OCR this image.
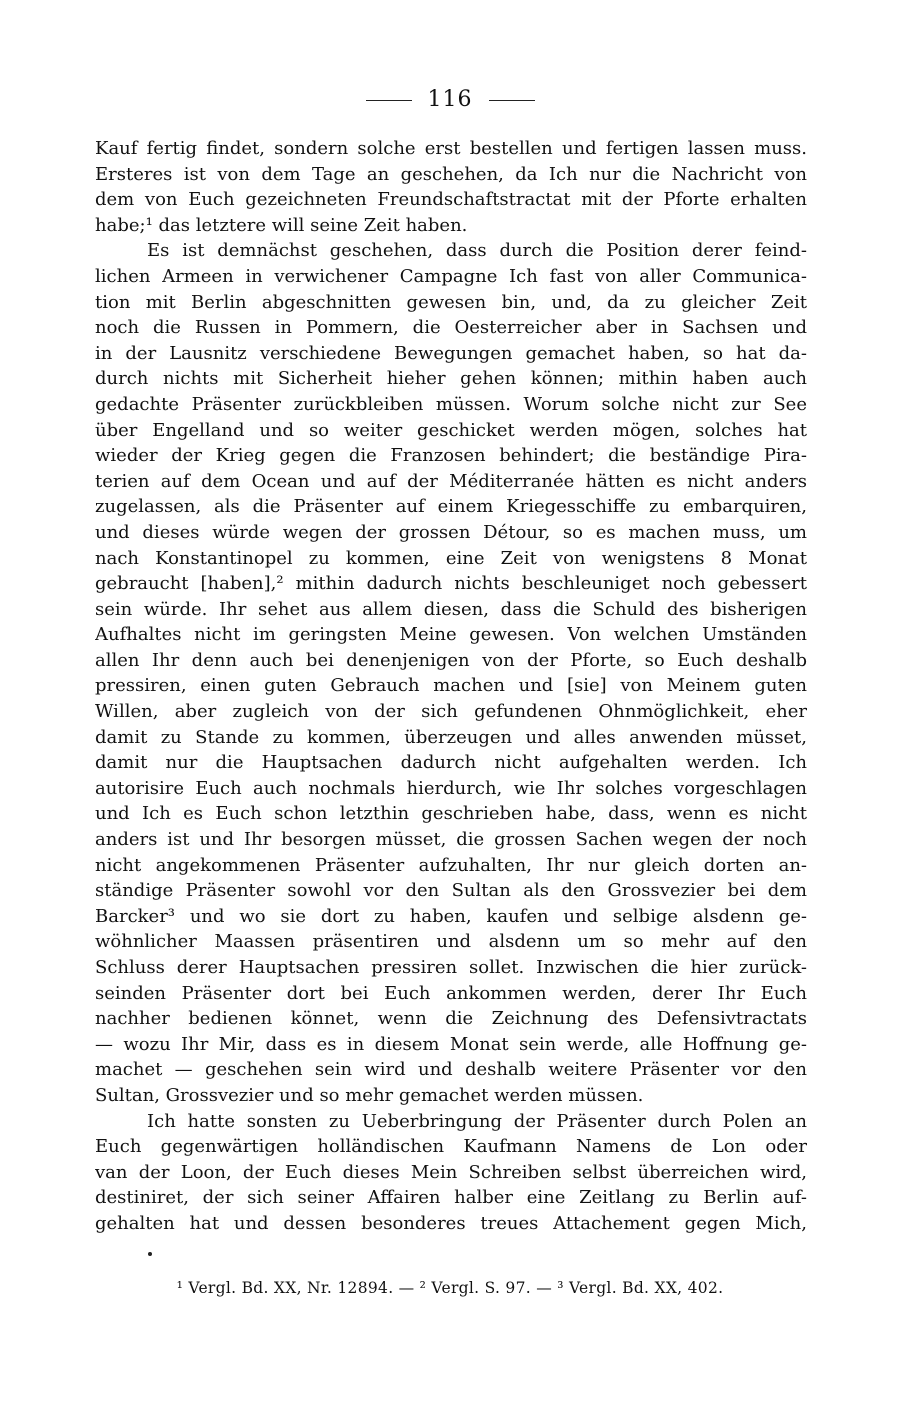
116
Kauf fertig findet, sondern solche erst bestellen und fertigen lassen muss.
Ersteres ist von dem Tage an geschehen, da Ich nur die Nachricht von
dem von Euch gezeichneten Freundschaftstractat mit der Pforte erhalten
habe;¹ das letztere will seine Zeit haben.
Es ist demnächst geschehen, dass durch die Position derer feind-
lichen Armeen in verwichener Campagne Ich fast von aller Communica-
tion mit Berlin abgeschnitten gewesen bin, und, da zu gleicher Zeit
noch die Russen in Pommern, die Oesterreicher aber in Sachsen und
in der Lausnitz verschiedene Bewegungen gemachet haben, so hat da-
durch nichts mit Sicherheit hieher gehen können; mithin haben auch
gedachte Präsenter zurückbleiben müssen. Worum solche nicht zur See
über Engelland und so weiter geschicket werden mögen, solches hat
wieder der Krieg gegen die Franzosen behindert; die beständige Pira-
terien auf dem Ocean und auf der Méditerranée hätten es nicht anders
zugelassen, als die Präsenter auf einem Kriegesschiffe zu embarquiren,
und dieses würde wegen der grossen Détour, so es machen muss, um
nach Konstantinopel zu kommen, eine Zeit von wenigstens 8 Monat
gebraucht [haben],² mithin dadurch nichts beschleuniget noch gebessert
sein würde. Ihr sehet aus allem diesen, dass die Schuld des bisherigen
Aufhaltes nicht im geringsten Meine gewesen. Von welchen Umständen
allen Ihr denn auch bei denenjenigen von der Pforte, so Euch deshalb
pressiren, einen guten Gebrauch machen und [sie] von Meinem guten
Willen, aber zugleich von der sich gefundenen Ohnmöglichkeit, eher
damit zu Stande zu kommen, überzeugen und alles anwenden müsset,
damit nur die Hauptsachen dadurch nicht aufgehalten werden. Ich
autorisire Euch auch nochmals hierdurch, wie Ihr solches vorgeschlagen
und Ich es Euch schon letzthin geschrieben habe, dass, wenn es nicht
anders ist und Ihr besorgen müsset, die grossen Sachen wegen der noch
nicht angekommenen Präsenter aufzuhalten, Ihr nur gleich dorten an-
ständige Präsenter sowohl vor den Sultan als den Grossvezier bei dem
Barcker³ und wo sie dort zu haben, kaufen und selbige alsdenn ge-
wöhnlicher Maassen präsentiren und alsdenn um so mehr auf den
Schluss derer Hauptsachen pressiren sollet. Inzwischen die hier zurück-
seinden Präsenter dort bei Euch ankommen werden, derer Ihr Euch
nachher bedienen könnet, wenn die Zeichnung des Defensivtractats
— wozu Ihr Mir, dass es in diesem Monat sein werde, alle Hoffnung ge-
machet — geschehen sein wird und deshalb weitere Präsenter vor den
Sultan, Grossvezier und so mehr gemachet werden müssen.
Ich hatte sonsten zu Ueberbringung der Präsenter durch Polen an
Euch gegenwärtigen holländischen Kaufmann Namens de Lon oder
van der Loon, der Euch dieses Mein Schreiben selbst überreichen wird,
destiniret, der sich seiner Affairen halber eine Zeitlang zu Berlin auf-
gehalten hat und dessen besonderes treues Attachement gegen Mich,
¹ Vergl. Bd. XX, Nr. 12894. — ² Vergl. S. 97. — ³ Vergl. Bd. XX, 402.
